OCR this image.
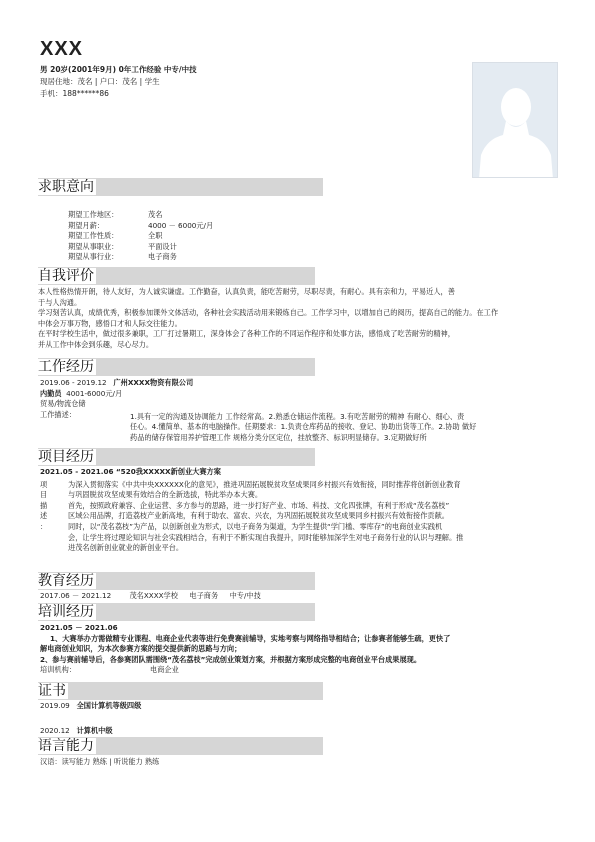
XXX
男 20岁(2001年9月) 0年工作经验 中专/中技
现居住地：茂名 | 户口：茂名 | 学生
手机：188******86
求职意向
期望工作地区：	茂名
期望月薪：	4000 － 6000元/月
期望工作性质：	全职
期望从事职业：	平面设计
期望从事行业：	电子商务
自我评价
本人性格热情开朗，待人友好，为人诚实谦虚。工作勤奋，认真负责，能吃苦耐劳，尽职尽责，有耐心。具有亲和力，平易近人，善
于与人沟通。
学习刻苦认真，成绩优秀，积极参加课外文体活动，各种社会实践活动用来锻炼自己。工作学习中，以增加自己的阅历，提高自己的能力。在工作
中体会万事万物，感悟口才和人际交往能力。
在平时学校生活中，做过很多兼职，工厂打过暑期工，深身体会了各种工作的不同运作程序和处事方法，感悟成了吃苦耐劳的精神，
并从工作中体会到乐趣，尽心尽力。
工作经历
2019.06 - 2019.12 广州XXXX物资有限公司
内勤员 4001-6000元/月
贸易/物流仓储
工作描述：	1.具有一定的沟通及协调能力 工作经常高。2.熟悉仓储运作流程。3.有吃苦耐劳的精神 有耐心、细心、责
任心。4.懂简单、基本的电脑操作。任期要求：1.负责仓库药品的接收、登记、协助出货等工作。2.协助 做好
药品的储存保管用养护管理工作 规格分类分区定位，挂放整齐、标识明显储存。3.定期做好所
项目经历
2021.05 - 2021.06 “520我XXXXX新创业大赛方案
项
目
描
述
：
为深入贯彻落实《中共中央XXXXXX化的意见》，推进巩固拓展脱贫攻坚成果同乡村振兴有效衔接，同时推荐将创新创业教育
与巩固脱贫攻坚成果有效结合的全新选拔，特此举办本大赛。
首先，按照政府兼容、企业运营、多方参与的思路，进一步打好产业、市场、科技、文化四张牌，有利于形成“茂名荔枝”
区域公用品牌，打造荔枝产业新高地，有利于助农、富农、兴农，为巩固拓展脱贫攻坚成果同乡村振兴有效衔接作贡献。
同时，以“茂名荔枝”为产品，以创新创业为形式，以电子商务为渠道，为学生提供“学门槛、零库存”的电商创业实践机
会，让学生将过理论知识与社会实践相结合，有利于不断实现自我提升，同时能够加深学生对电子商务行业的认识与理解。推
进茂名创新创业就业的新创业平台。
教育经历
2017.06 － 2021.12	茂名XXXX学校 电子商务 中专/中技
培训经历
2021.05 － 2021.06
1、大赛举办方需做精专业课程、电商企业代表等进行免费赛前辅导，实地考察与网络指导相结合；让参赛者能够生疏，更快了
解电商创业知识，为本次参赛方案的提交提供新的思路与方向；
2、参与赛前辅导后，各参赛团队需围绕“茂名荔枝”完成创业策划方案，并根据方案形成完整的电商创业平台成果展现。
培训机构：	电商企业
证书
2019.09 全国计算机等级四级
2020.12 计算机中级
语言能力
汉语：读写能力 熟练 | 听说能力 熟练
